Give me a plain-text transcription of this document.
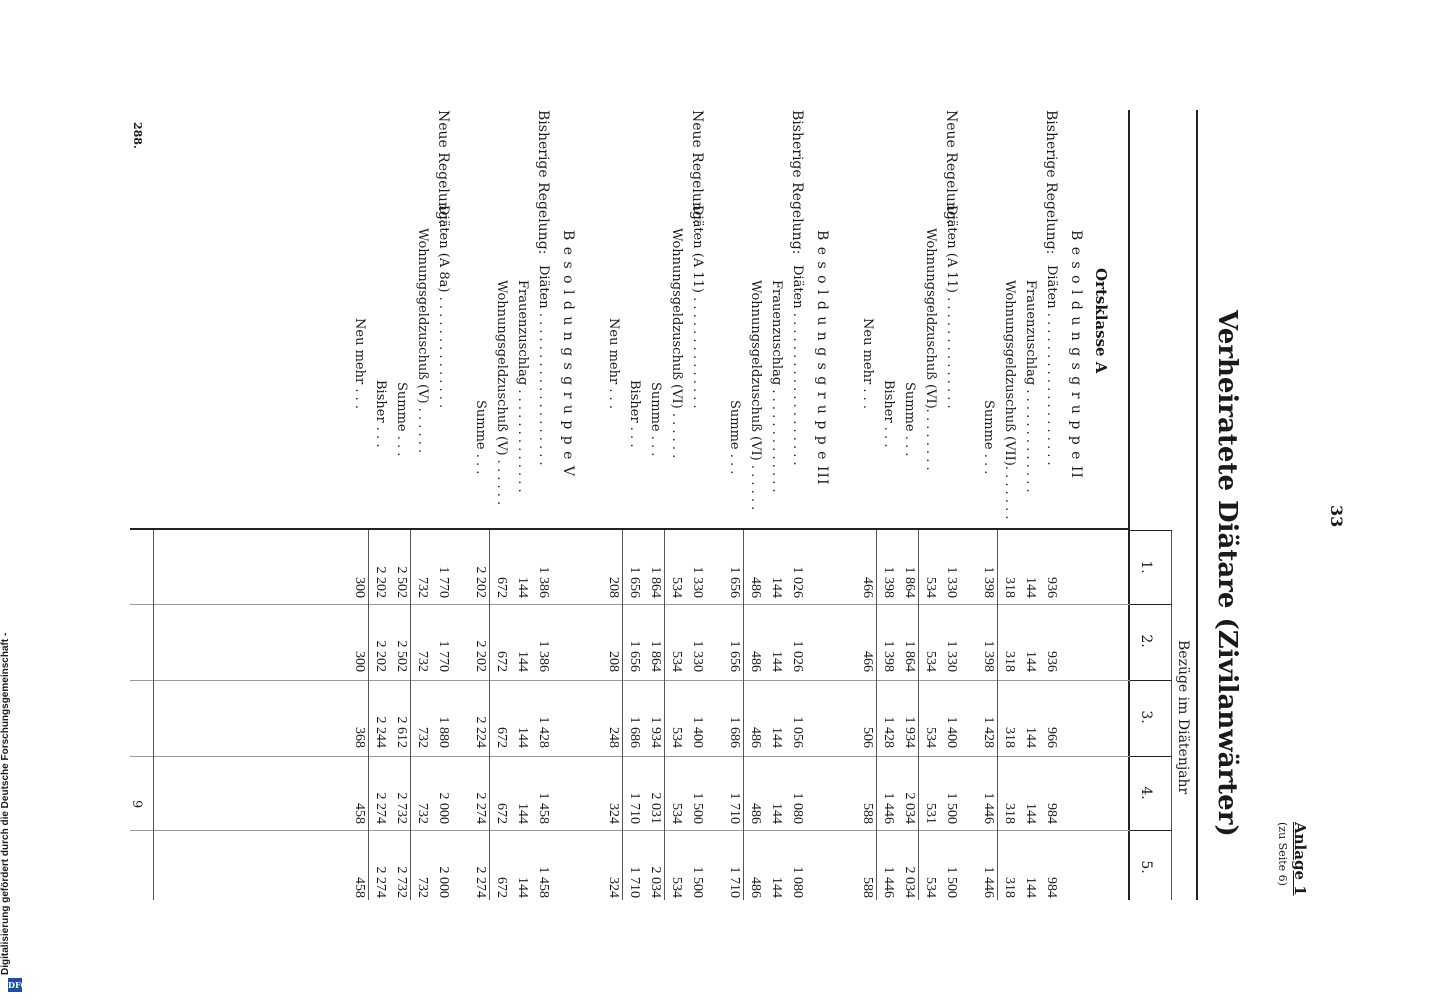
33
Anlage 1
(zu Seite 6)
Verheiratete Diätare (Zivilanwärter)
Bezüge im Diätenjahr
1.
2.
3.
4.
5.
B e s o l d u n g s g r u p p e II
Bisherige Regelung:
Diäten . . . . . . . . . . . . . . . . . . .
936
936
966
984
984
Frauenzuschlag . . . . . . . . . . . . .
144
144
144
144
144
Wohnungsgeldzuschuß (VII). . . . . . .
318
318
318
318
318
Summe . . .
1 398
1 398
1 428
1 446
1 446
Neue Regelung:
Diäten (A 11) . . . . . . . . . . . . . .
1 330
1 330
1 400
1 500
1 500
Wohnungsgeldzuschuß (VI). . . . . . . .
534
534
534
531
534
Summe . . .
1 864
1 864
1 934
2 034
2 034
Bisher . . .
1 398
1 398
1 428
1 446
1 446
Neu mehr . . .
466
466
506
588
588
B e s o l d u n g s g r u p p e III
Bisherige Regelung:
Diäten . . . . . . . . . . . . . . . . . . .
1 026
1 026
1 056
1 080
1 080
Frauenzuschlag . . . . . . . . . . . . .
144
144
144
144
144
Wohnungsgeldzuschuß (VI) . . . . . .
486
486
486
486
486
Summe . . .
1 656
1 656
1 686
1 710
1 710
Neue Regelung:
Diäten (A 11) . . . . . . . . . . . . . .
1 330
1 330
1 400
1 500
1 500
Wohnungsgeldzuschuß (VI) . . . . . .
534
534
534
534
534
Summe . . .
1 864
1 864
1 934
2 031
2 034
Bisher . . .
1 656
1 656
1 686
1 710
1 710
Neu mehr . . .
208
208
248
324
324
B e s o l d u n g s g r u p p e V
Bisherige Regelung:
Diäten . . . . . . . . . . . . . . . . . . .
1 386
1 386
1 428
1 458
1 458
Frauenzuschlag . . . . . . . . . . . . .
144
144
144
144
144
Wohnungsgeldzuschuß (V) . . . . . .
672
672
672
672
672
Summe . . .
2 202
2 202
2 224
2 274
2 274
Neue Regelung:
Diäten (A 8a) . . . . . . . . . . . . . .
1 770
1 770
1 880
2 000
2 000
Wohnungsgeldzuschuß (V) . . . . . .
732
732
732
732
732
Summe . . .
2 502
2 502
2 612
2 732
2 732
Bisher . . .
2 202
2 202
2 244
2 274
2 274
Neu mehr . . .
300
300
368
458
458
Ortsklasse A
288.
9
Digitalisierung gefördert durch die Deutsche Forschungsgemeinschaft -
DFG
